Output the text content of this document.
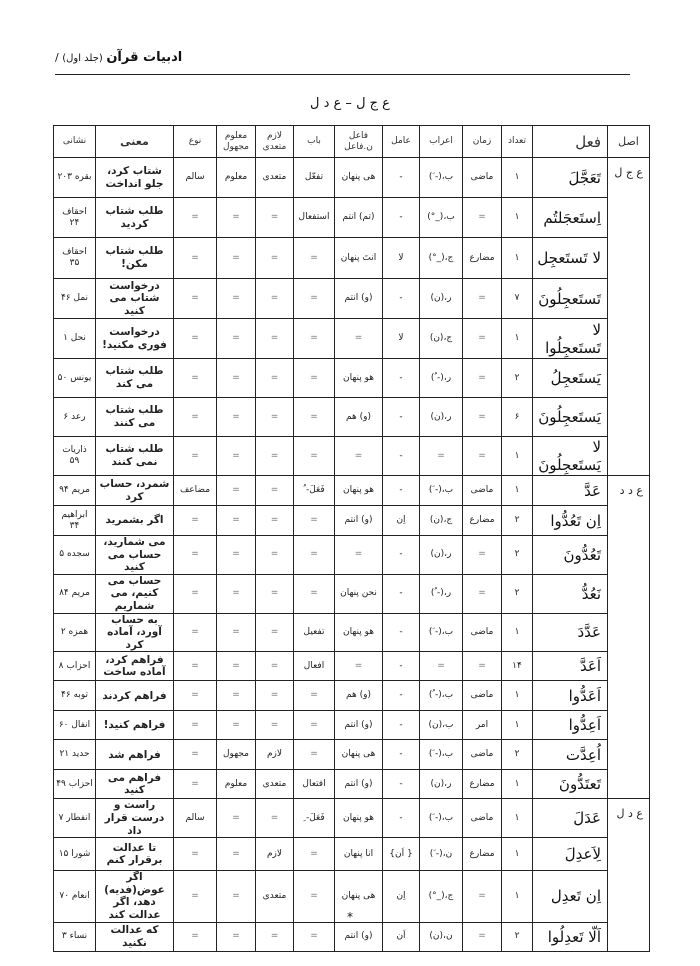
ادبیات قرآن (جلد اول) /
ع ج ل – ع د ل
اصل	فعل	تعداد	زمان	اعراب	عامل	فاعل ن.فاعل	باب	لازم متعدی	معلوم مجهول	نوع	معنی	نشانی
ع ج ل	تَعَجَّلَ	۱	ماضی	ب،(- َ)	-	هی پنهان	تفعّل	متعدی	معلوم	سالم	شتاب کرد، جلو انداخت	بقره ۲۰۳
	اِستَعجَلتُم	۱	=	ب،(_°)	-	(تم) انتم	استفعال	=	=	=	طلب شتاب کردید	احقاف ۲۴
	لا تَستَعجِل	۱	مضارع	ج،(_°)	لا	انتَ پنهان	=	=	=	=	طلب شتاب مکن!	احقاف ۳۵
	تَستَعجِلُونَ	۷	=	ر،(ن)	-	(و) انتم	=	=	=	=	درخواست شتاب می کنید	نمل ۴۶
	لا تَستَعجِلُوا	۱	=	ج،(ن)	لا	=	=	=	=	=	درخواست فوری مکنید!	نحل ۱
	یَستَعجِلُ	۲	=	ر،(- ُ)	-	هو پنهان	=	=	=	=	طلب شتاب می کند	یونس ۵۰
	یَستَعجِلُونَ	۶	=	ر،(ن)	-	(و) هم	=	=	=	=	طلب شتاب می کنند	رعد ۶
	لا یَستَعجِلُونَ	۱	=	=	-	=	=	=	=	=	طلب شتاب نمی کنند	ذاریات ۵۹
ع د د	عَدَّ	۱	ماضی	ب،(- َ)	-	هو پنهان	فَعَلَ- ُ	=	=	مضاعف	شمرد، حساب کرد	مریم ۹۴
	اِن تَعُدُّوا	۲	مضارع	ج،(ن)	اِن	(و) انتم	=	=	=	=	اگر بشمرید	ابراهیم ۳۴
	تَعُدُّونَ	۲	=	ر،(ن)	-	=	=	=	=	=	می شمارید، حساب می کنید	سجده ۵
	نَعُدُّ	۲	=	ر،(- ُ)	-	نحن پنهان	=	=	=	=	حساب می کنیم، می شماریم	مریم ۸۴
	عَدَّدَ	۱	ماضی	ب،(- َ)	-	هو پنهان	تفعیل	=	=	=	به حساب آورد، آماده کرد	همزه ۲
	اَعَدَّ	۱۴	=	=	-	=	افعال	=	=	=	فراهم کرد، آماده ساخت	احزاب ۸
	اَعَدُّوا	۱	ماضی	ب،(- ُ)	-	(و) هم	=	=	=	=	فراهم کردند	توبه ۴۶
	اَعِدُّوا	۱	امر	ب،(ن)	-	(و) انتم	=	=	=	=	فراهم کنید!	انفال ۶۰
	اُعِدَّت	۲	ماضی	ب،(- َ)	-	هی پنهان	=	لازم	مجهول	=	فراهم شد	حدید ۲۱
	تَعتَدُّونَ	۱	مضارع	ر،(ن)	-	(و) انتم	افتعال	متعدی	معلوم	=	فراهم می کنید	احزاب ۴۹
ع د ل	عَدَلَ	۱	ماضی	ب،(- َ)	-	هو پنهان	فَعَلَ- ِ	=	=	سالم	راست و درست قرار داد	انفطار ۷
	لِاَعدِلَ	۱	مضارع	ن،(- َ)	{ اَن}	انا پنهان	=	لازم	=	=	تا عدالت برقرار کنم	شورا ۱۵
	اِن تَعدِل	۱	=	ج،(_°)	اِن	هی پنهان	=	متعدی	=	=	اگر عوض(فدیه) دهد، اگر عدالت کند	انعام ۷۰
	اَلّا تَعدِلُوا	۲	=	ن،(ن)	اَن	(و) انتم	=	=	=	=	که عدالت نکنید	نساء ۳
*
